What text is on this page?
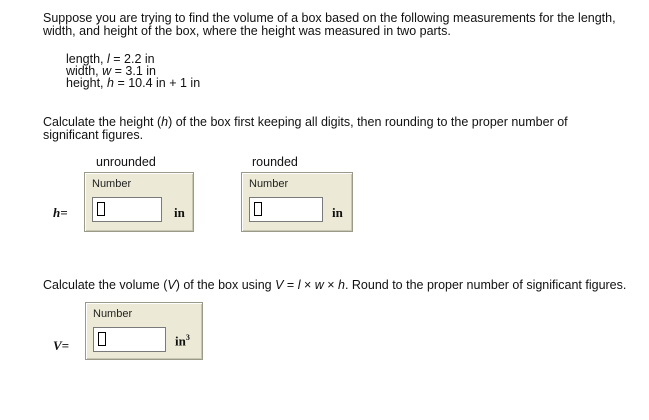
Suppose you are trying to find the volume of a box based on the following measurements for the length,
width, and height of the box, where the height was measured in two parts.
length, l = 2.2 in
width, w = 3.1 in
height, h = 10.4 in + 1 in
Calculate the height (h) of the box first keeping all digits, then rounding to the proper number of
significant figures.
unrounded	rounded
h=
Number
in
Number
in
Calculate the volume (V) of the box using V = l × w × h. Round to the proper number of significant figures.
V=
Number
$in^3$
